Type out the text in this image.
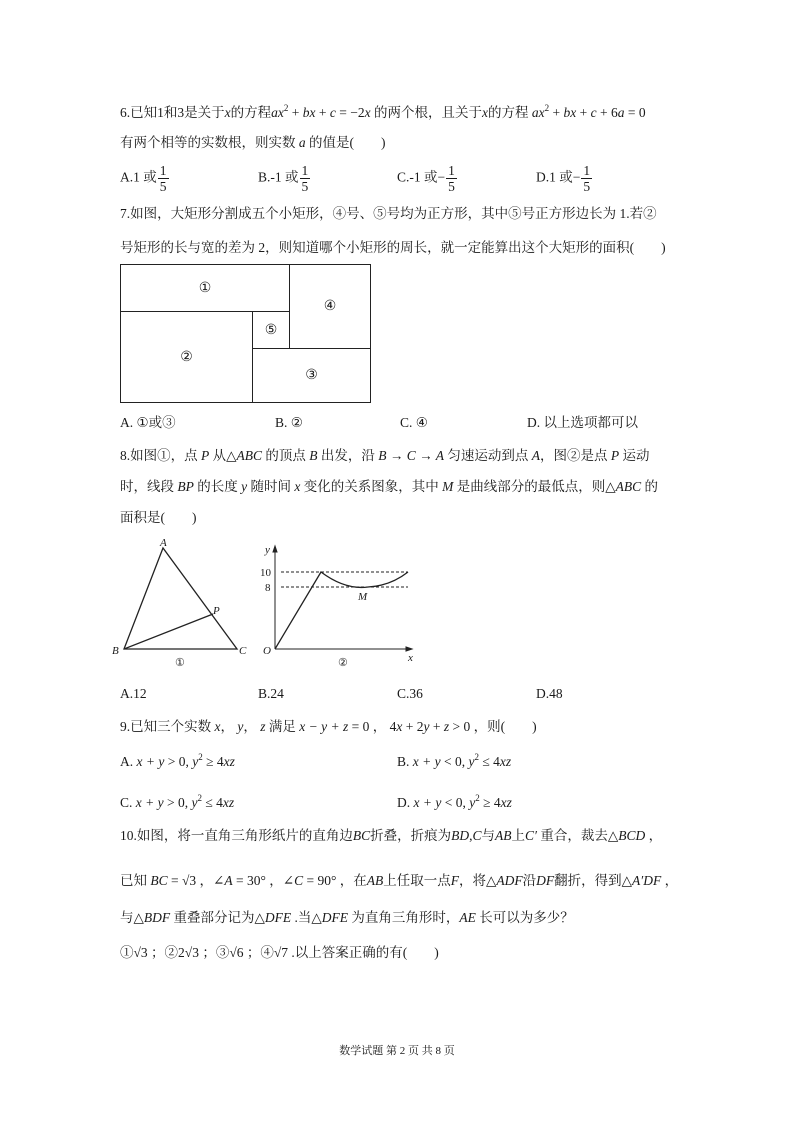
6.已知1和3是关于x的方程$ax^2$ + bx + c = −2x 的两个根，且关于x的方程 $ax^2$ + bx + c + 6a = 0
有两个相等的实数根，则实数 a 的值是(　　)
A.1 或 $\frac{1}{5}$	B.-1 或 $\frac{1}{5}$	C.-1 或− $\frac{1}{5}$	D.1 或− $\frac{1}{5}$
7.如图，大矩形分割成五个小矩形，④号、⑤号均为正方形，其中⑤号正方形边长为 1.若②
号矩形的长与宽的差为 2，则知道哪个小矩形的周长，就一定能算出这个大矩形的面积(　　)
①
④
⑤
②
③
A. ①或③	B. ②	C. ④	D. 以上选项都可以
8.如图①，点 P 从△ABC 的顶点 B 出发，沿 B → C → A 匀速运动到点 A，图②是点 P 运动
时，线段 BP 的长度 y 随时间 x 变化的关系图象，其中 M 是曲线部分的最低点，则△ABC 的
面积是(　　)
A
B	C
P
①
y
10
8
O
x
M
②
A.12	B.24	C.36	D.48
9.已知三个实数 x， y， z 满足 x − y + z = 0 ， 4x + 2y + z > 0 ，则(　　)
A. x + y > 0, $y^2 \ge 4xz$	B. x + y < 0, $y^2 \le 4xz$
C. x + y > 0, $y^2 \le 4xz$	D. x + y < 0, $y^2 \ge 4xz$
10.如图，将一直角三角形纸片的直角边BC折叠，折痕为BD,C与AB上C′ 重合，裁去△BCD ，
已知 BC = √3 ，∠A = 30° ，∠C = 90° ，在AB上任取一点F，将△ADF沿DF翻折，得到△A′DF ，
与△BDF 重叠部分记为△DFE .当△DFE 为直角三角形时，AE 长可以为多少？
①√3 ；②2√3 ；③√6 ；④√7 .以上答案正确的有(　　)
数学试题 第 2 页 共 8 页
